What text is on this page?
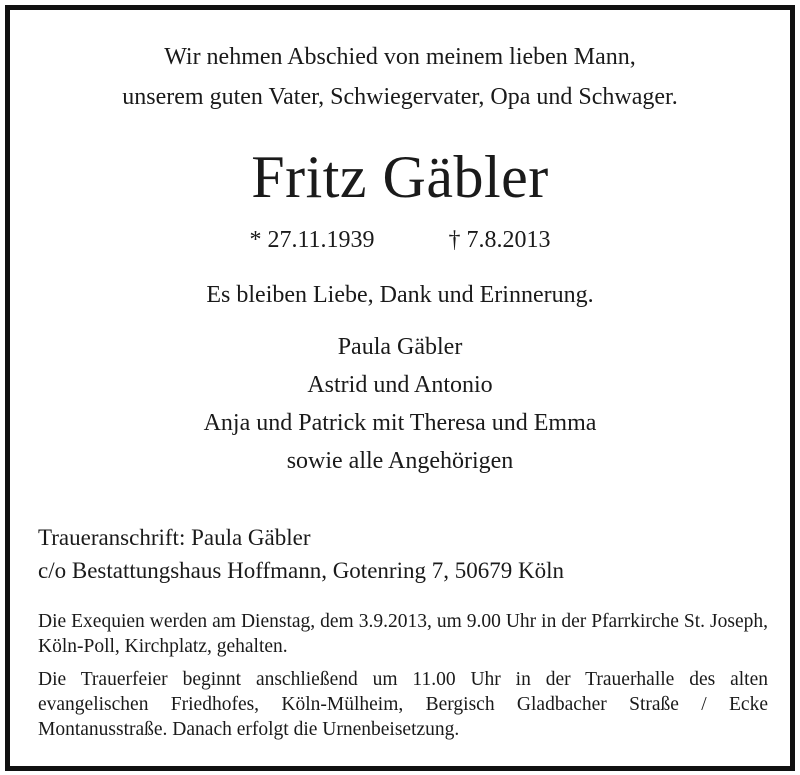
Wir nehmen Abschied von meinem lieben Mann,
unserem guten Vater, Schwiegervater, Opa und Schwager.
Fritz Gäbler
* 27.11.1939	† 7.8.2013
Es bleiben Liebe, Dank und Erinnerung.
Paula Gäbler
Astrid und Antonio
Anja und Patrick mit Theresa und Emma
sowie alle Angehörigen
Traueranschrift: Paula Gäbler
c/o Bestattungshaus Hoffmann, Gotenring 7, 50679 Köln
Die Exequien werden am Dienstag, dem 3.9.2013, um 9.00 Uhr in der Pfarrkirche St. Joseph, Köln-Poll, Kirchplatz, gehalten.
Die Trauerfeier beginnt anschließend um 11.00 Uhr in der Trauerhalle des alten evangelischen Friedhofes, Köln-Mülheim, Bergisch Gladbacher Straße / Ecke Montanusstraße. Danach erfolgt die Urnenbeisetzung.
